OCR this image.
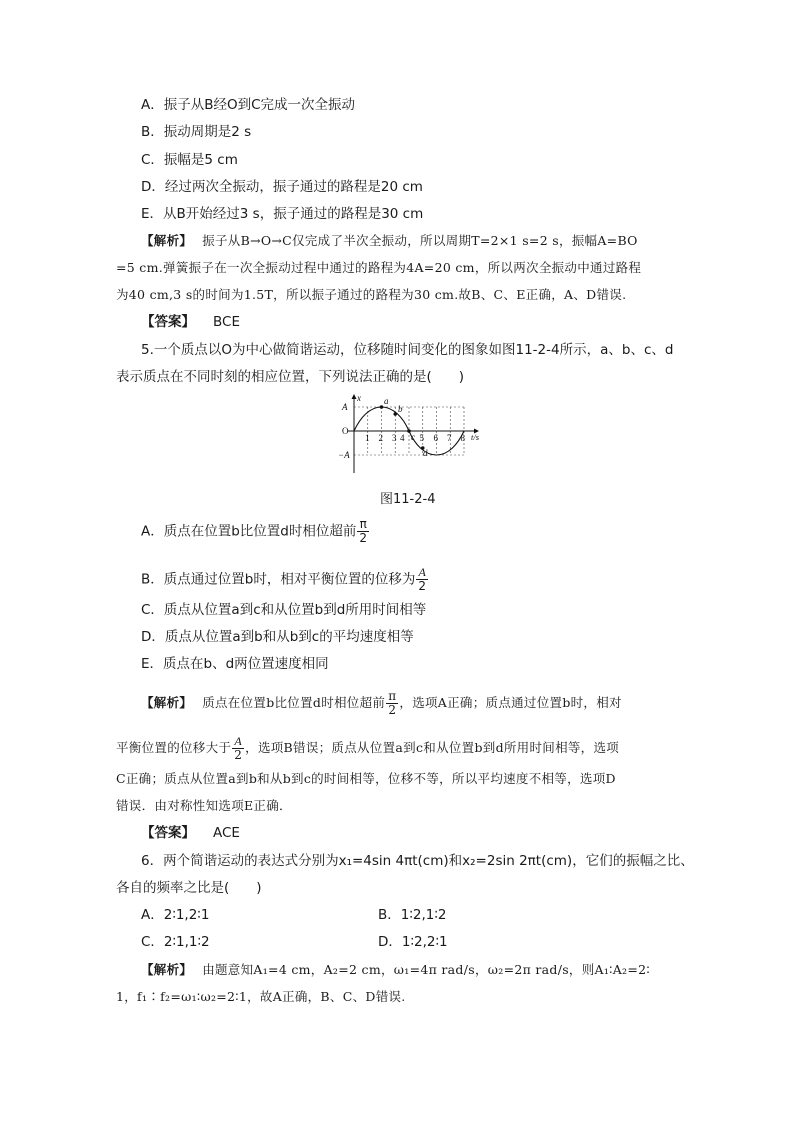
A．振子从B经O到C完成一次全振动
B．振动周期是2 s
C．振幅是5 cm
D．经过两次全振动，振子通过的路程是20 cm
E．从B开始经过3 s，振子通过的路程是30 cm
【解析】 振子从B→O→C仅完成了半次全振动，所以周期T=2×1 s=2 s，振幅A=BO
=5 cm.弹簧振子在一次全振动过程中通过的路程为4A=20 cm，所以两次全振动中通过路程
为40 cm,3 s的时间为1.5T，所以振子通过的路程为30 cm.故B、C、E正确，A、D错误.
【答案】 BCE
5.一个质点以O为中心做简谐运动，位移随时间变化的图象如图11-2-4所示，a、b、c、d
表示质点在不同时刻的相应位置，下列说法正确的是(　　)
x
t/s
A
O
−A
a
b
c
d
1 2 3 4 5 6 7 8
图11-2-4
A．质点在位置b比位置d时相位超前 $\frac{\pi}{2}$
B．质点通过位置b时，相对平衡位置的位移为 $\frac{A}{2}$
C．质点从位置a到c和从位置b到d所用时间相等
D．质点从位置a到b和从b到c的平均速度相等
E．质点在b、d两位置速度相同
【解析】 质点在位置b比位置d时相位超前 $\frac{\pi}{2}$ ，选项A正确；质点通过位置b时，相对
平衡位置的位移大于 $\frac{A}{2}$ ，选项B错误；质点从位置a到c和从位置b到d所用时间相等，选项
C正确；质点从位置a到b和从b到c的时间相等，位移不等，所以平均速度不相等，选项D
错误．由对称性知选项E正确．
【答案】 ACE
6．两个简谐运动的表达式分别为x₁=4sin 4πt(cm)和x₂=2sin 2πt(cm)，它们的振幅之比、
各自的频率之比是(　　)
A．2∶1,2∶1	B．1∶2,1∶2
C．2∶1,1∶2	D．1∶2,2∶1
【解析】 由题意知A₁=4 cm，A₂=2 cm，ω₁=4π rad/s，ω₂=2π rad/s，则A₁∶A₂=2∶
1，f₁∶f₂=ω₁∶ω₂=2∶1，故A正确，B、C、D错误.
